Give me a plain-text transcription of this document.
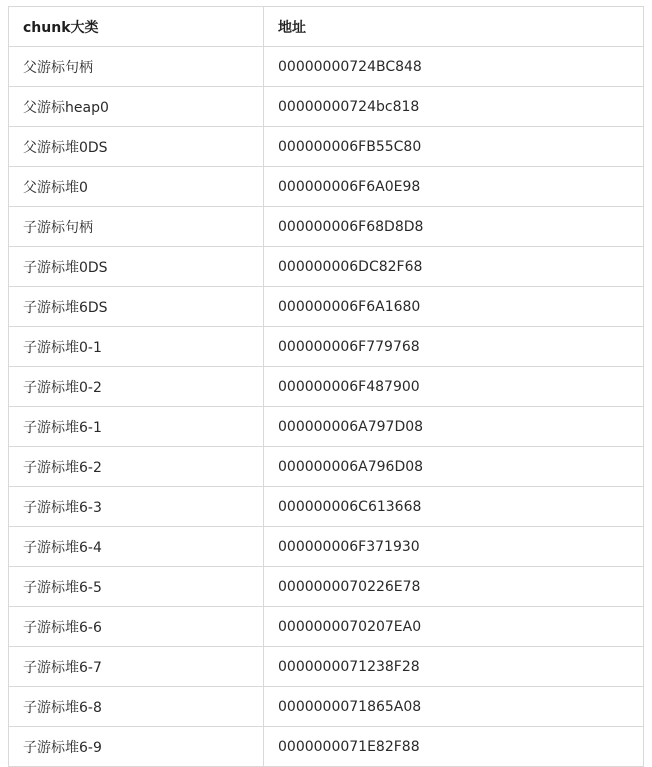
chunk大类	地址
父游标句柄	00000000724BC848
父游标heap0	00000000724bc818
父游标堆0DS	000000006FB55C80
父游标堆0	000000006F6A0E98
子游标句柄	000000006F68D8D8
子游标堆0DS	000000006DC82F68
子游标堆6DS	000000006F6A1680
子游标堆0-1	000000006F779768
子游标堆0-2	000000006F487900
子游标堆6-1	000000006A797D08
子游标堆6-2	000000006A796D08
子游标堆6-3	000000006C613668
子游标堆6-4	000000006F371930
子游标堆6-5	0000000070226E78
子游标堆6-6	0000000070207EA0
子游标堆6-7	0000000071238F28
子游标堆6-8	0000000071865A08
子游标堆6-9	0000000071E82F88
